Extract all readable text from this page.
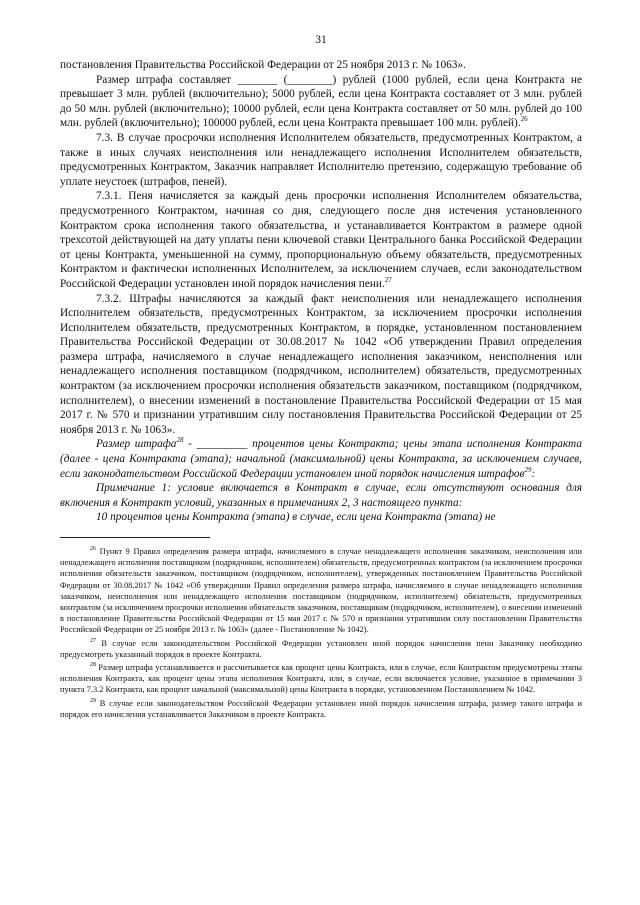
31

постановления Правительства Российской Федерации от 25 ноября 2013 г. № 1063».

Размер штрафа составляет _______ (________) рублей (1000 рублей, если цена Контракта не превышает 3 млн. рублей (включительно); 5000 рублей, если цена Контракта составляет от 3 млн. рублей до 50 млн. рублей (включительно); 10000 рублей, если цена Контракта составляет от 50 млн. рублей до 100 млн. рублей (включительно); 100000 рублей, если цена Контракта превышает 100 млн. рублей).$^{26}$

7.3. В случае просрочки исполнения Исполнителем обязательств, предусмотренных Контрактом, а также в иных случаях неисполнения или ненадлежащего исполнения Исполнителем обязательств, предусмотренных Контрактом, Заказчик направляет Исполнителю претензию, содержащую требование об уплате неустоек (штрафов, пеней).

7.3.1. Пеня начисляется за каждый день просрочки исполнения Исполнителем обязательства, предусмотренного Контрактом, начиная со дня, следующего после дня истечения установленного Контрактом срока исполнения такого обязательства, и устанавливается Контрактом в размере одной трехсотой действующей на дату уплаты пени ключевой ставки Центрального банка Российской Федерации от цены Контракта, уменьшенной на сумму, пропорциональную объему обязательств, предусмотренных Контрактом и фактически исполненных Исполнителем, за исключением случаев, если законодательством Российской Федерации установлен иной порядок начисления пени.$^{27}$

7.3.2. Штрафы начисляются за каждый факт неисполнения или ненадлежащего исполнения Исполнителем обязательств, предусмотренных Контрактом, за исключением просрочки исполнения Исполнителем обязательств, предусмотренных Контрактом, в порядке, установленном постановлением Правительства Российской Федерации от 30.08.2017 № 1042 «Об утверждении Правил определения размера штрафа, начисляемого в случае ненадлежащего исполнения заказчиком, неисполнения или ненадлежащего исполнения поставщиком (подрядчиком, исполнителем) обязательств, предусмотренных контрактом (за исключением просрочки исполнения обязательств заказчиком, поставщиком (подрядчиком, исполнителем), о внесении изменений в постановление Правительства Российской Федерации от 15 мая 2017 г. № 570 и признании утратившим силу постановления Правительства Российской Федерации от 25 ноября 2013 г. № 1063».

Размер штрафа$^{28}$ - _________ процентов цены Контракта; цены этапа исполнения Контракта (далее - цена Контракта (этапа); начальной (максимальной) цены Контракта, за исключением случаев, если законодательством Российской Федерации установлен иной порядок начисления штрафов$^{29}$:

Примечание 1: условие включается в Контракт в случае, если отсутствуют основания для включения в Контракт условий, указанных в примечаниях 2, 3 настоящего пункта:

10 процентов цены Контракта (этапа) в случае, если цена Контракта (этапа) не

$^{26}$ Пункт 9 Правил определения размера штрафа, начисляемого в случае ненадлежащего исполнения заказчиком, неисполнения или ненадлежащего исполнения поставщиком (подрядчиком, исполнителем) обязательств, предусмотренных контрактом (за исключением просрочки исполнения обязательств заказчиком, поставщиком (подрядчиком, исполнителем), утвержденных постановлением Правительства Российской Федерации от 30.08.2017 № 1042 «Об утверждении Правил определения размера штрафа, начисляемого в случае ненадлежащего исполнения заказчиком, неисполнения или ненадлежащего исполнения поставщиком (подрядчиком, исполнителем) обязательств, предусмотренных контрактом (за исключением просрочки исполнения обязательств заказчиком, поставщиком (подрядчиком, исполнителем), о внесении изменений в постановление Правительства Российской Федерации от 15 мая 2017 г. № 570 и признании утратившим силу постановления Правительства Российской Федерации от 25 ноября 2013 г. № 1063» (далее - Постановление № 1042).

$^{27}$ В случае если законодательством Российской Федерации установлен иной порядок начисления пени Заказчику необходимо предусмотреть указанный порядок в проекте Контракта.

$^{28}$ Размер штрафа устанавливается и рассчитывается как процент цены Контракта, или в случае, если Контрактом предусмотрены этапы исполнения Контракта, как процент цены этапа исполнения Контракта, или, в случае, если включается условие, указанное в примечании 3 пункта 7.3.2 Контракта, как процент начальной (максимальной) цены Контракта в порядке, установленном Постановлением № 1042.

$^{29}$ В случае если законодательством Российской Федерации установлен иной порядок начисления штрафа, размер такого штрафа и порядок его начисления устанавливается Заказчиком в проекте Контракта.
